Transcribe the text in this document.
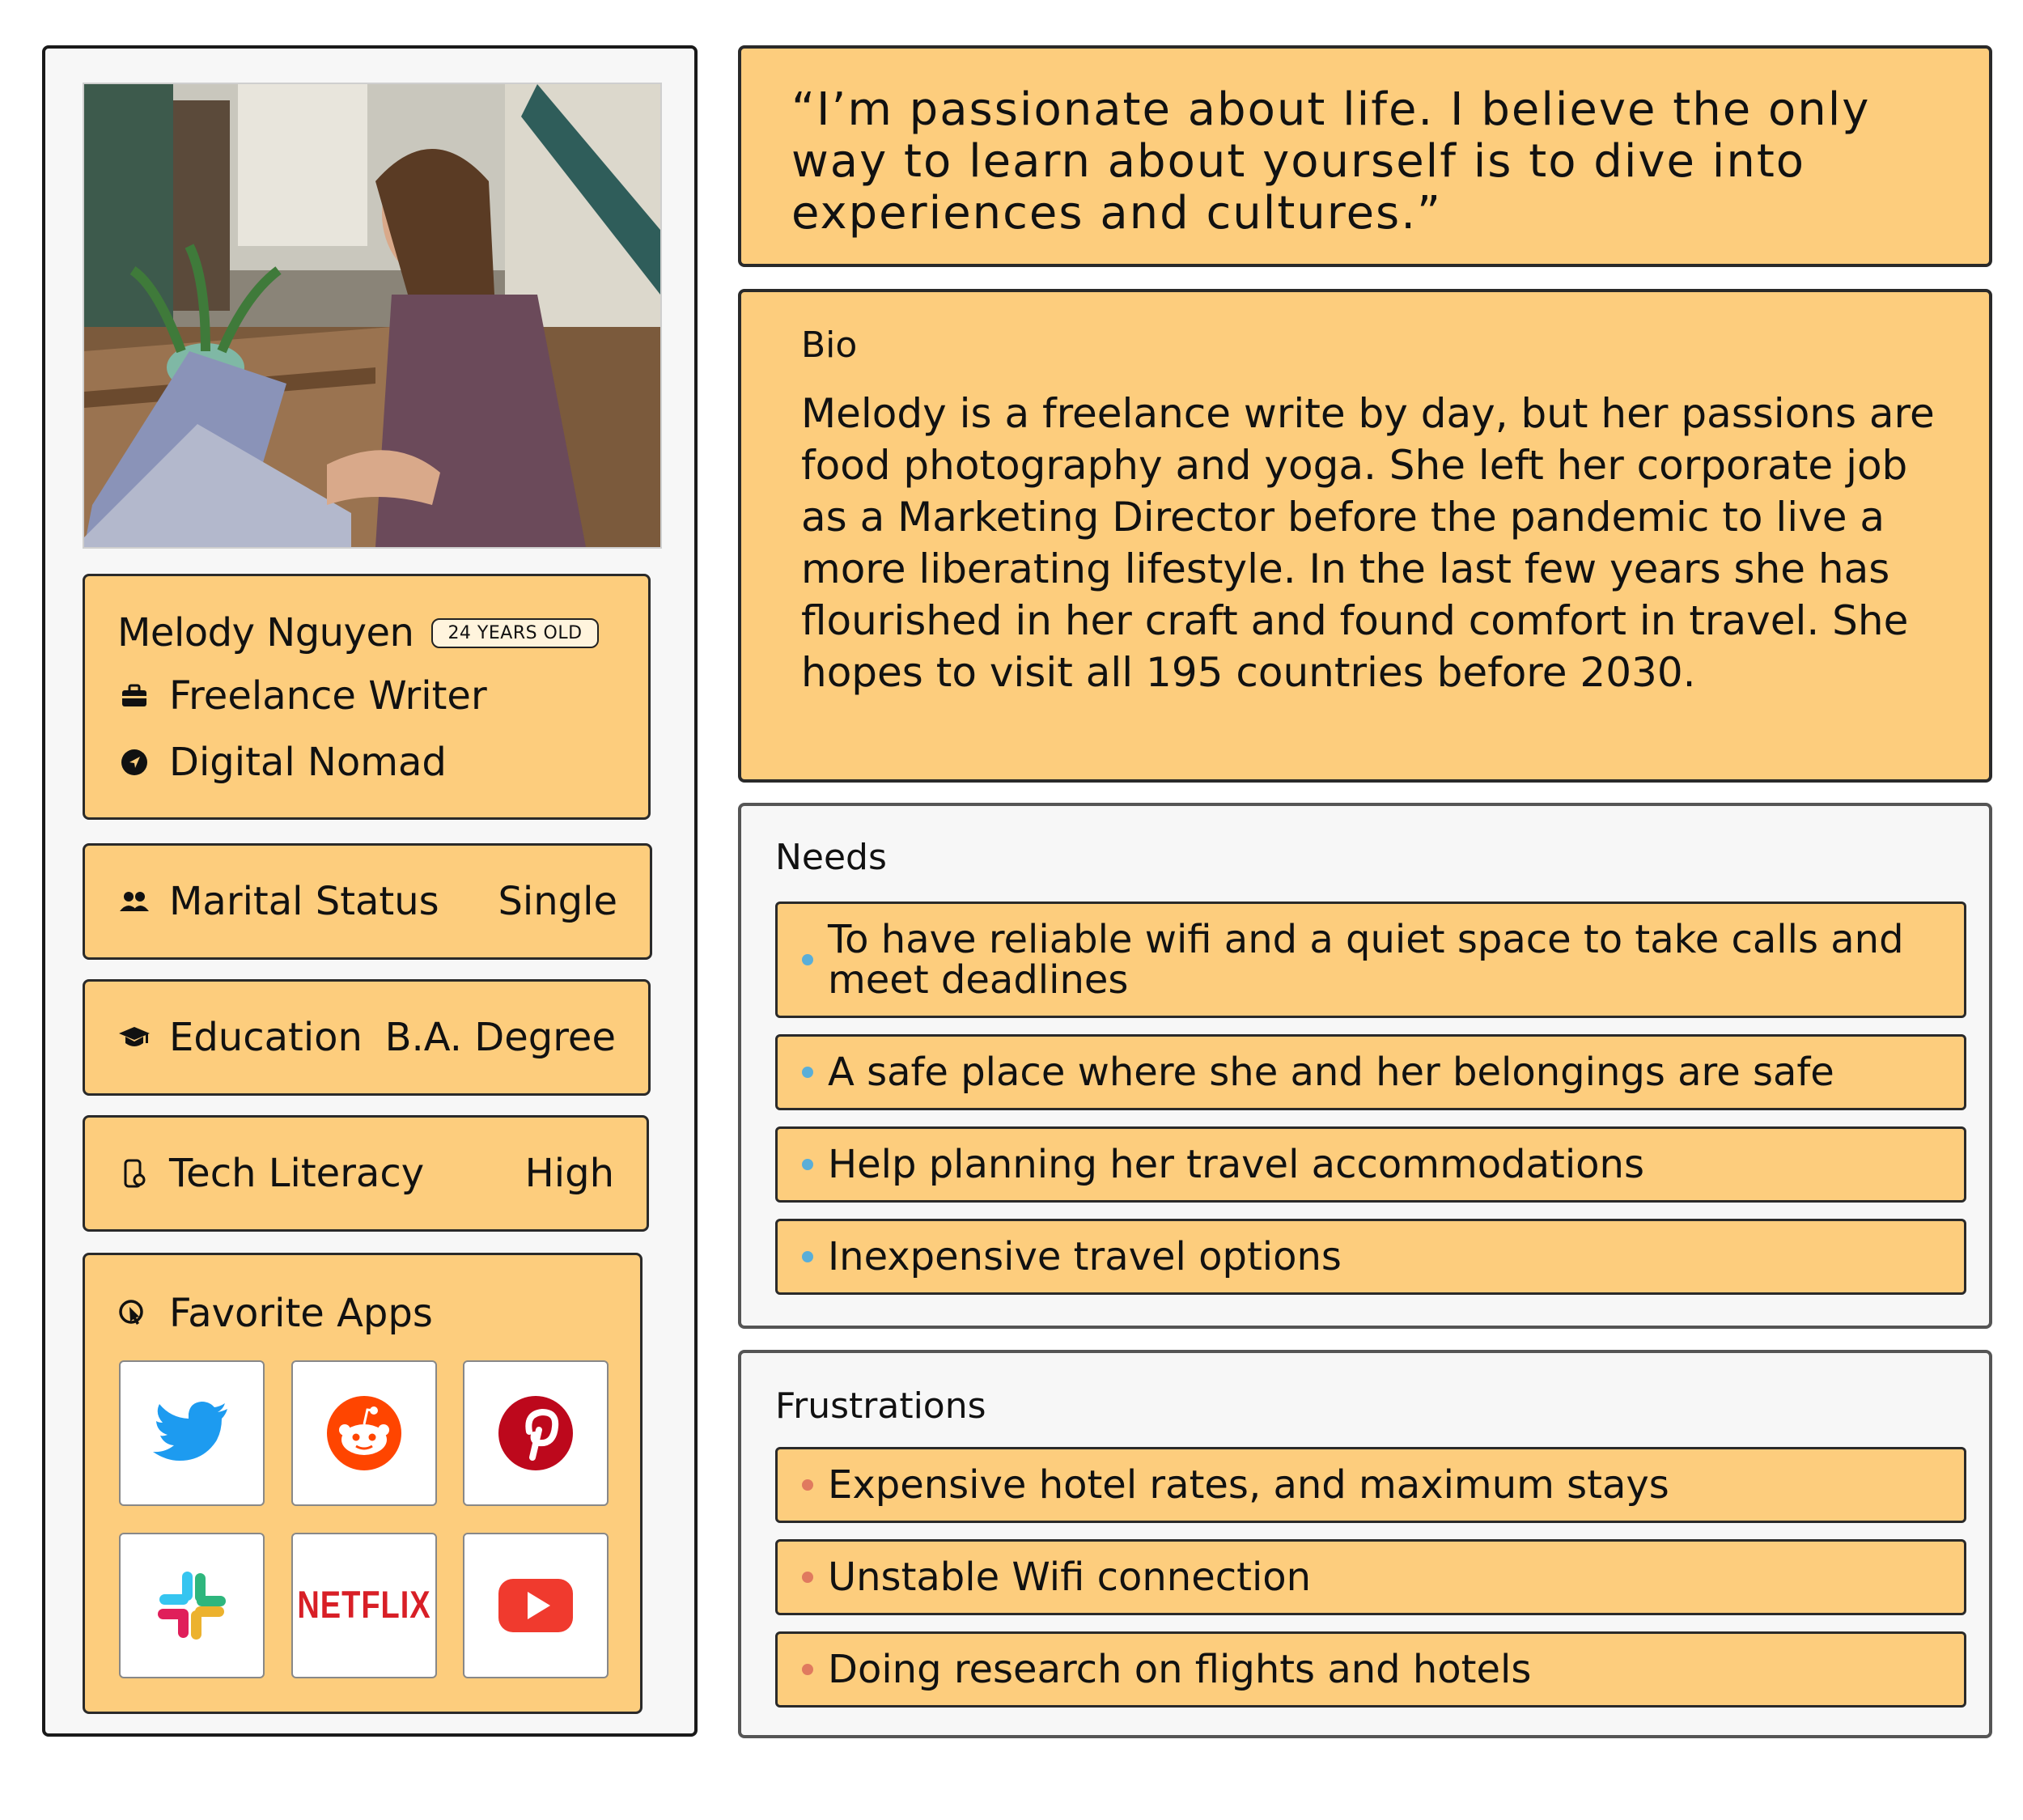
Melody Nguyen	24 YEARS OLD
Freelance Writer
Digital Nomad
Marital Status Single
Education B.A. Degree
Tech Literacy	High
Favorite Apps
NETFLIX
“I’m passionate about life. I believe the only way to learn about yourself is to dive into experiences and cultures.”
Bio
Melody is a freelance write by day, but her passions are food photography and yoga. She left her corporate job as a Marketing Director before the pandemic to live a more liberating lifestyle. In the last few years she has flourished in her craft and found comfort in travel. She hopes to visit all 195 countries before 2030.
Needs
To have reliable wifi and a quiet space to take calls and meet deadlines
A safe place where she and her belongings are safe
Help planning her travel accommodations
Inexpensive travel options
Frustrations
Expensive hotel rates, and maximum stays
Unstable Wifi connection
Doing research on flights and hotels
